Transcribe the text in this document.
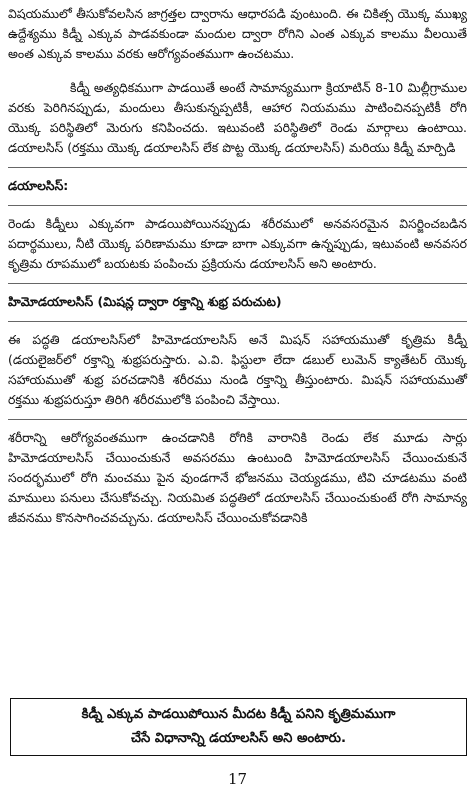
విషయములో తీసుకోవలసిన జాగ్రత్తల ద్వారాను ఆధారపడి వుంటుంది. ఈ చికిత్స యొక్క ముఖ్య ఉద్దేశ్యము కిడ్నీ ఎక్కువ పాడవకుండా మందుల ద్వారా రోగిని ఎంత ఎక్కువ కాలము వీలయితే అంత ఎక్కువ కాలము వరకు ఆరోగ్యవంతముగా ఉంచటము.

కిడ్నీ అత్యధికముగా పాడయితే అంటే సామాన్యముగా క్రియాటిన్ 8-10 మిల్లీగ్రాముల వరకు పెరిగినప్పుడు, మందులు తీసుకున్నప్పటికీ, ఆహార నియమము పాటించినప్పటికీ రోగి యొక్క పరిస్థితిలో మెరుగు కనిపించదు. ఇటువంటి పరిస్థితిలో రెండు మార్గాలు ఉంటాయి. డయాలసిస్ (రక్తము యొక్క డయాలసిస్ లేక పొట్ట యొక్క డయాలసిస్) మరియు కిడ్నీ మార్పిడి

డయాలసిస్:

రెండు కిడ్నీలు ఎక్కువగా పాడయిపోయినప్పుడు శరీరములో అనవసరమైన విసర్జించబడిన పదార్థములు, నీటి యొక్క పరిణామము కూడా బాగా ఎక్కువగా ఉన్నప్పుడు, ఇటువంటి అనవసర కృత్రిమ రూపములో బయటకు పంపించు ప్రక్రియను డయాలసిస్ అని అంటారు.

హిమోడయాలసిస్ (మిషన్ల ద్వారా రక్తాన్ని శుభ్ర పరుచుట)

ఈ పద్ధతి డయాలసిస్‌లో హిమోడయాలసిస్ అనే మిషన్ సహాయముతో కృత్రిమ కిడ్నీ (డయలైజర్‌లో రక్తాన్ని శుభ్రపరుస్తారు. ఎ.వి. ఫిస్టులా లేదా డబుల్ లుమెన్ క్యాతేటర్ యొక్క సహాయముతో శుభ్ర పరచడానికి శరీరము నుండి రక్తాన్ని తీస్తుంటారు. మిషన్ సహాయముతో రక్తము శుభ్రపరుస్తూ తిరిగి శరీరములోకి పంపించి వేస్తాయి.

శరీరాన్ని ఆరోగ్యవంతముగా ఉంచడానికి రోగికి వారానికి రెండు లేక మూడు సార్లు హిమోడయాలసిస్ చేయించుకునే అవసరము ఉంటుంది హిమోడయాలసిస్ చేయించుకునే సందర్భములో రోగి మంచము పైన వుండగానే భోజనము చెయ్యడము, టివి చూడటము వంటి మాములు పనులు చేసుకోవచ్చు. నియమిత పద్ధతిలో డయాలసిస్ చేయించుకుంటే రోగి సామాన్య జీవనము కొనసాగించవచ్చును. డయాలసిస్ చేయించుకోవడానికి

కిడ్నీ ఎక్కువ పాడయిపోయిన మీదట కిడ్నీ పనిని కృత్రిమముగా
చేసే విధానాన్ని డయాలసిస్ అని అంటారు.
17
